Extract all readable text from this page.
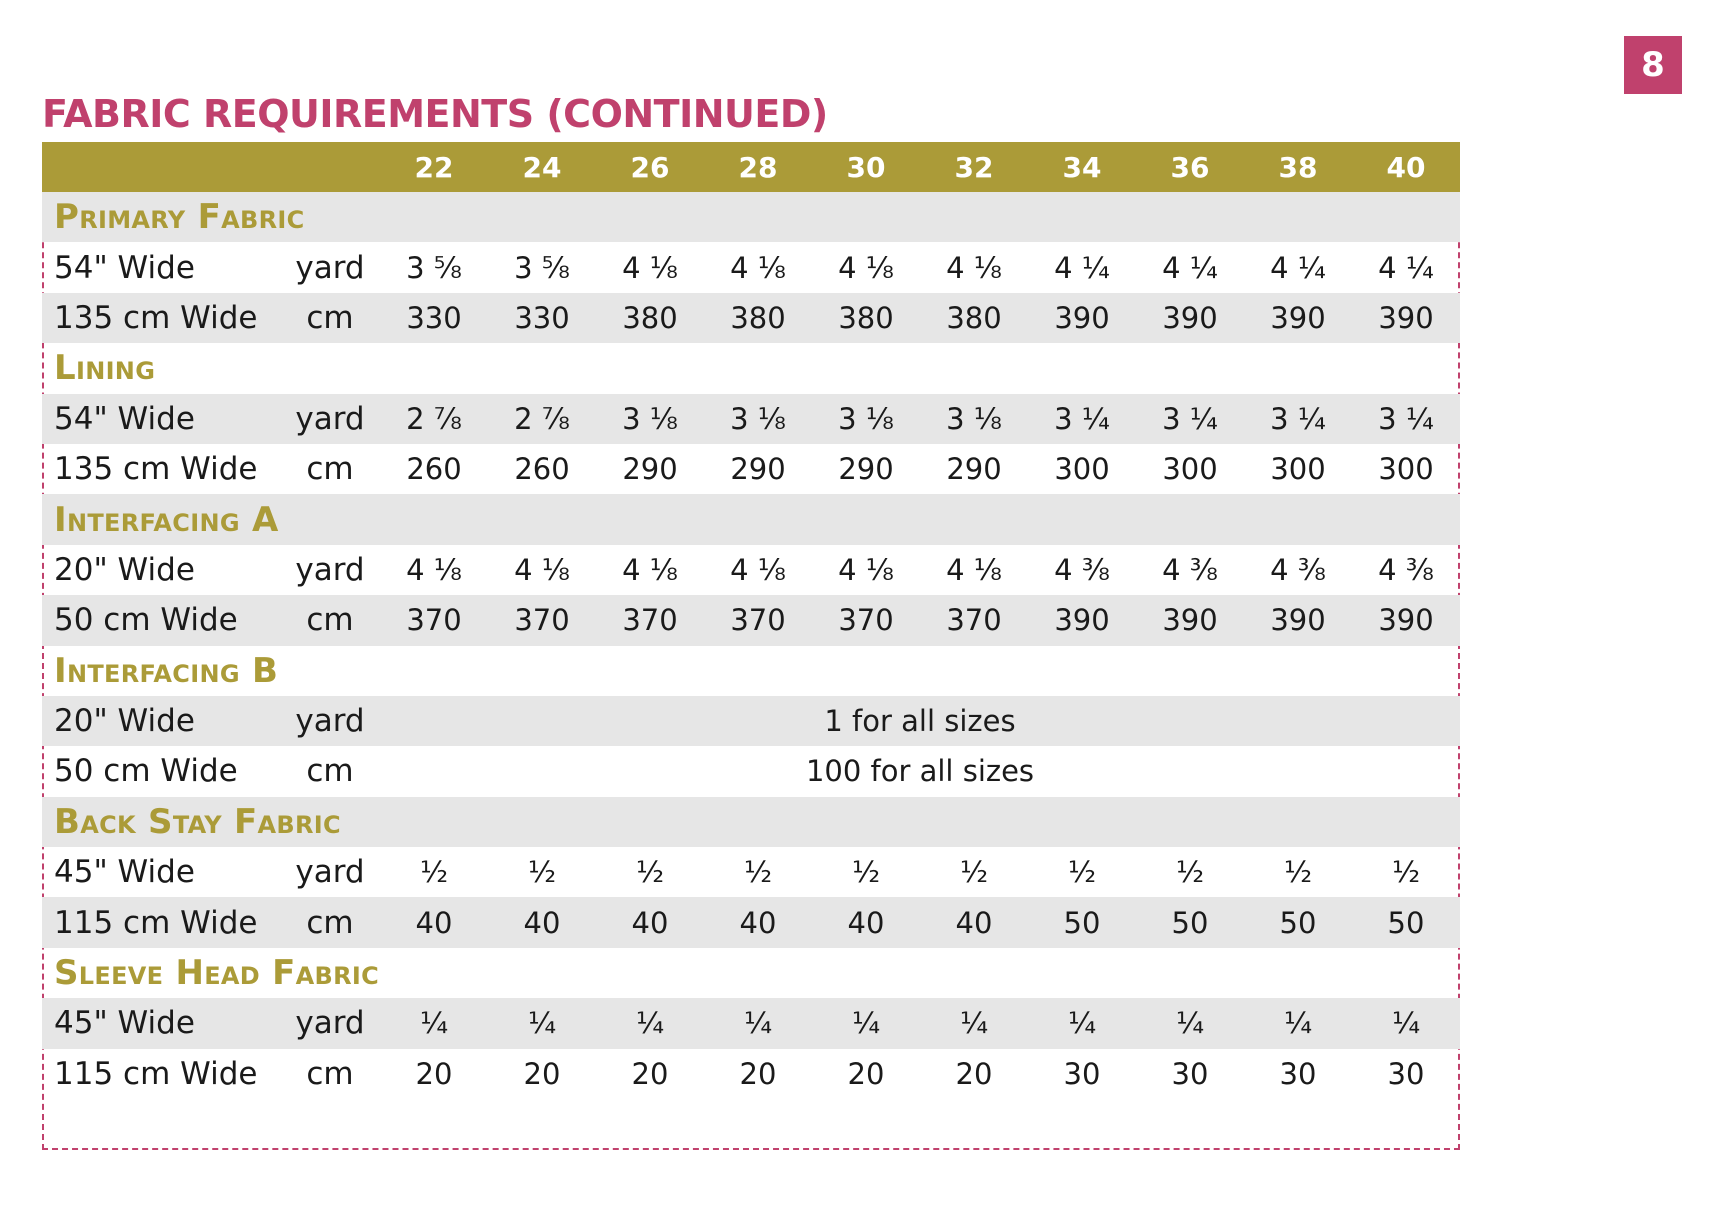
8
FABRIC REQUIREMENTS (CONTINUED)
		22	24	26	28	30	32	34	36	38	40
Primary Fabric											
54" Wide	yard	3 ⅝	3 ⅝	4 ⅛	4 ⅛	4 ⅛	4 ⅛	4 ¼	4 ¼	4 ¼	4 ¼
135 cm Wide	cm	330	330	380	380	380	380	390	390	390	390
Lining											
54" Wide	yard	2 ⅞	2 ⅞	3 ⅛	3 ⅛	3 ⅛	3 ⅛	3 ¼	3 ¼	3 ¼	3 ¼
135 cm Wide	cm	260	260	290	290	290	290	300	300	300	300
Interfacing A											
20" Wide	yard	4 ⅛	4 ⅛	4 ⅛	4 ⅛	4 ⅛	4 ⅛	4 ⅜	4 ⅜	4 ⅜	4 ⅜
50 cm Wide	cm	370	370	370	370	370	370	390	390	390	390
Interfacing B											
20" Wide	yard	1 for all sizes									
50 cm Wide	cm	100 for all sizes									
Back Stay Fabric											
45" Wide	yard	½	½	½	½	½	½	½	½	½	½
115 cm Wide	cm	40	40	40	40	40	40	50	50	50	50
Sleeve Head Fabric											
45" Wide	yard	¼	¼	¼	¼	¼	¼	¼	¼	¼	¼
115 cm Wide	cm	20	20	20	20	20	20	30	30	30	30
